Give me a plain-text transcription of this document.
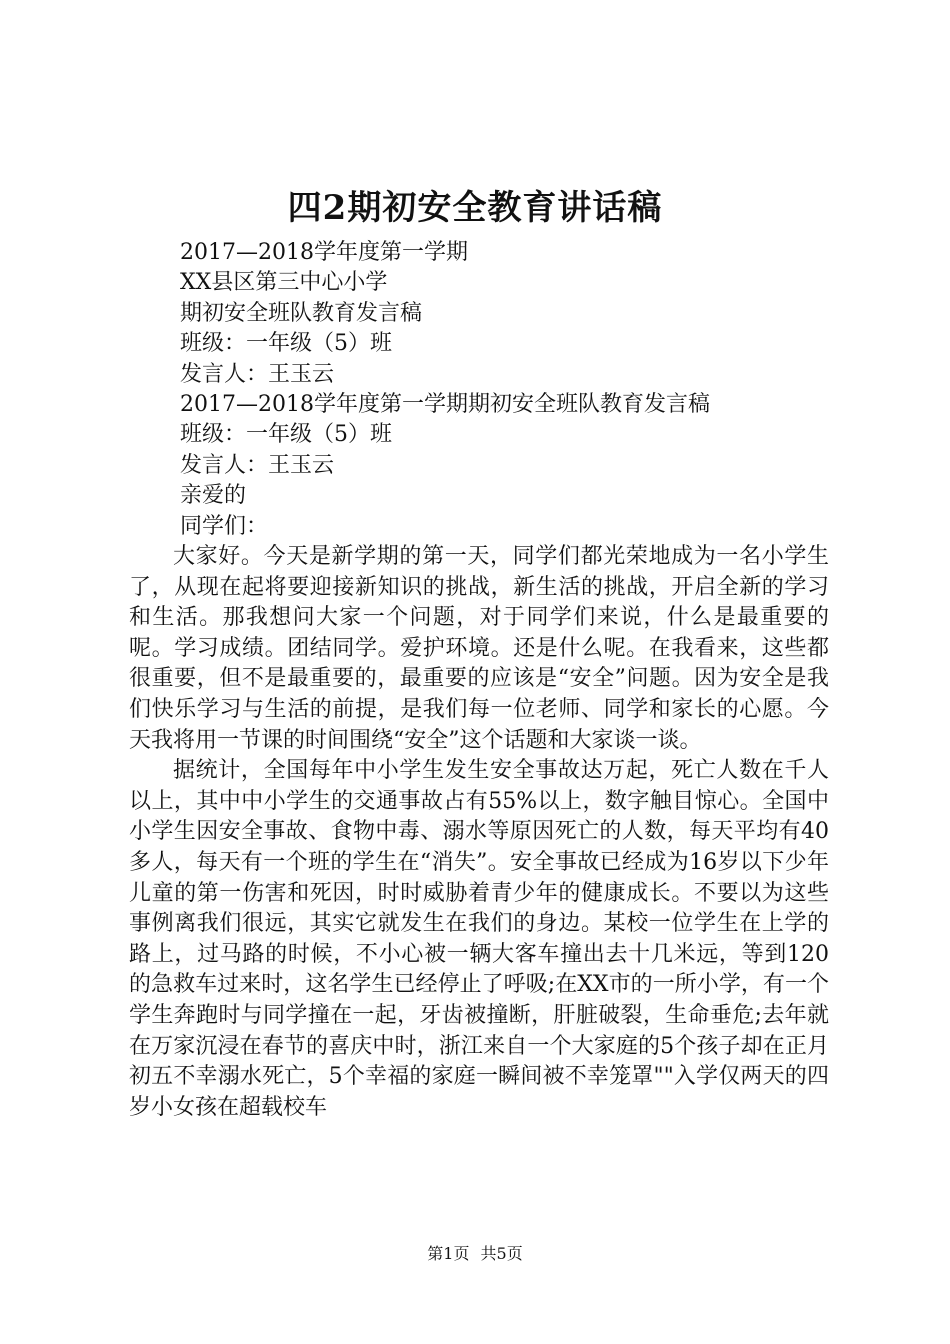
四2期初安全教育讲话稿
2017—2018学年度第一学期
XX县区第三中心小学
期初安全班队教育发言稿
班级：一年级（5）班
发言人：王玉云
2017—2018学年度第一学期期初安全班队教育发言稿
班级：一年级（5）班
发言人：王玉云
亲爱的
同学们：

大家好。今天是新学期的第一天，同学们都光荣地成为一名小学生了，从现在起将要迎接新知识的挑战，新生活的挑战，开启全新的学习和生活。那我想问大家一个问题，对于同学们来说，什么是最重要的呢。学习成绩。团结同学。爱护环境。还是什么呢。在我看来，这些都很重要，但不是最重要的，最重要的应该是“安全”问题。因为安全是我们快乐学习与生活的前提，是我们每一位老师、同学和家长的心愿。今天我将用一节课的时间围绕“安全”这个话题和大家谈一谈。

据统计，全国每年中小学生发生安全事故达万起，死亡人数在千人以上，其中中小学生的交通事故占有55%以上，数字触目惊心。全国中小学生因安全事故、食物中毒、溺水等原因死亡的人数，每天平均有40多人，每天有一个班的学生在“消失”。安全事故已经成为16岁以下少年儿童的第一伤害和死因，时时威胁着青少年的健康成长。不要以为这些事例离我们很远，其实它就发生在我们的身边。某校一位学生在上学的路上，过马路的时候，不小心被一辆大客车撞出去十几米远，等到120的急救车过来时，这名学生已经停止了呼吸;在XX市的一所小学，有一个学生奔跑时与同学撞在一起，牙齿被撞断，肝脏破裂，生命垂危;去年就在万家沉浸在春节的喜庆中时，浙江来自一个大家庭的5个孩子却在正月初五不幸溺水死亡，5个幸福的家庭一瞬间被不幸笼罩""入学仅两天的四岁小女孩在超载校车

第1页 共5页
